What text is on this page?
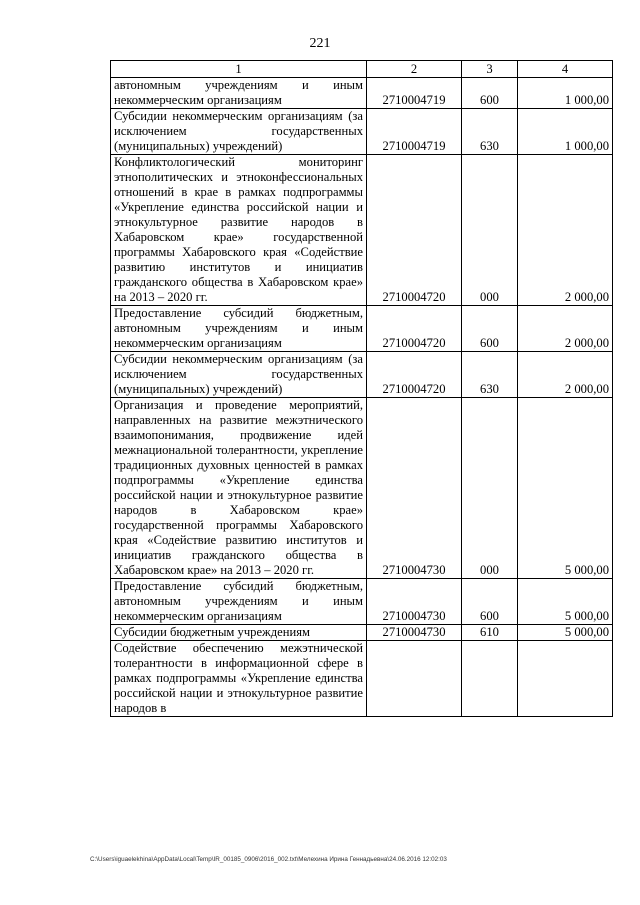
221
1	2	3	4
автономным учреждениям и иным некоммерческим организациям	2710004719	600	1 000,00
Субсидии некоммерческим организациям (за исключением государственных (муниципальных) учреждений)	2710004719	630	1 000,00
Конфликтологический мониторинг этнополитических и этноконфессиональных отношений в крае в рамках подпрограммы «Укрепление единства российской нации и этнокультурное развитие народов в Хабаровском крае» государственной программы Хабаровского края «Содействие развитию институтов и инициатив гражданского общества в Хабаровском крае» на 2013 – 2020 гг.	2710004720	000	2 000,00
Предоставление субсидий бюджетным, автономным учреждениям и иным некоммерческим организациям	2710004720	600	2 000,00
Субсидии некоммерческим организациям (за исключением государственных (муниципальных) учреждений)	2710004720	630	2 000,00
Организация и проведение мероприятий, направленных на развитие межэтнического взаимопонимания, продвижение идей межнациональной толерантности, укрепление традиционных духовных ценностей в рамках подпрограммы «Укрепление единства российской нации и этнокультурное развитие народов в Хабаровском крае» государственной программы Хабаровского края «Содействие развитию институтов и инициатив гражданского общества в Хабаровском крае» на 2013 – 2020 гг.	2710004730	000	5 000,00
Предоставление субсидий бюджетным, автономным учреждениям и иным некоммерческим организациям	2710004730	600	5 000,00
Субсидии бюджетным учреждениям	2710004730	610	5 000,00
Содействие обеспечению межэтнической толерантности в информационной сфере в рамках подпрограммы «Укрепление единства российской нации и этнокультурное развитие народов в			
C:\Users\iguaelekhina\AppData\Local\Temp\IR_00185_0906\2016_002.txt\Мелехина Ирина Геннадьевна\24.06.2016 12:02:03
